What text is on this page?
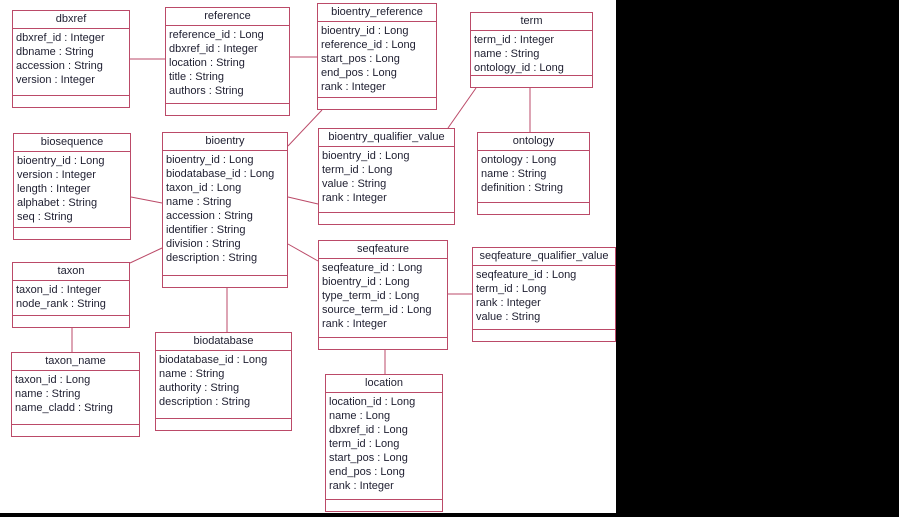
dbxref
dbxref_id : Integer
dbname : String
accession : String
version : Integer
reference
reference_id : Long
dbxref_id : Integer
location : String
title : String
authors : String
bioentry_reference
bioentry_id : Long
reference_id : Long
start_pos : Long
end_pos : Long
rank : Integer
term
term_id : Integer
name : String
ontology_id : Long
biosequence
bioentry_id : Long
version : Integer
length : Integer
alphabet : String
seq : String
bioentry
bioentry_id : Long
biodatabase_id : Long
taxon_id : Long
name : String
accession : String
identifier : String
division : String
description : String
bioentry_qualifier_value
bioentry_id : Long
term_id : Long
value : String
rank : Integer
ontology
ontology : Long
name : String
definition : String
taxon
taxon_id : Integer
node_rank : String
seqfeature
seqfeature_id : Long
bioentry_id : Long
type_term_id : Long
source_term_id : Long
rank : Integer
seqfeature_qualifier_value
seqfeature_id : Long
term_id : Long
rank : Integer
value : String
taxon_name
taxon_id : Long
name : String
name_cladd : String
biodatabase
biodatabase_id : Long
name : String
authority : String
description : String
location
location_id : Long
name : Long
dbxref_id : Long
term_id : Long
start_pos : Long
end_pos : Long
rank : Integer
